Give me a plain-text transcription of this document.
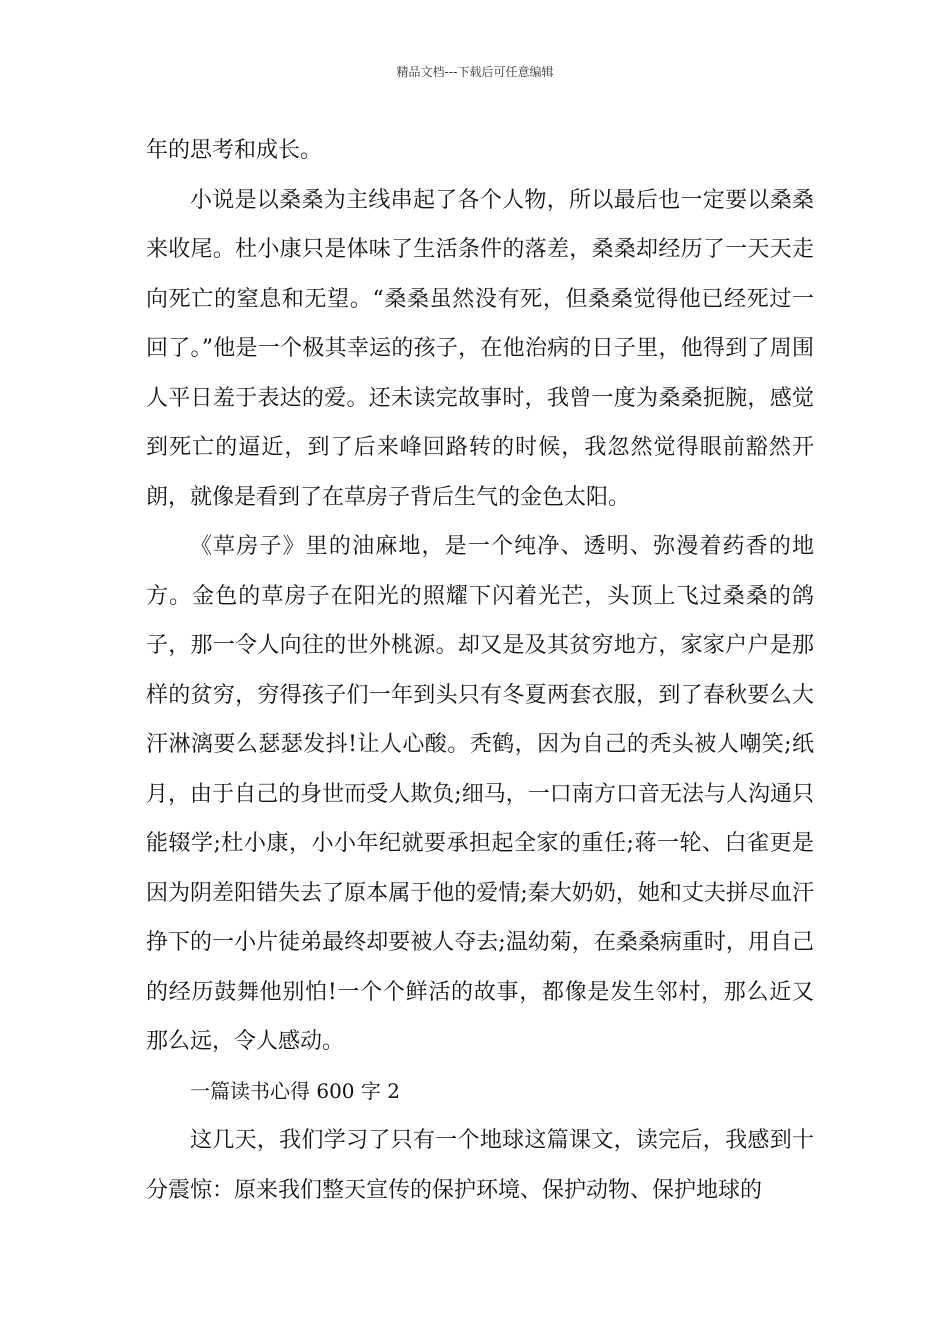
精品文档---下载后可任意编辑

年的思考和成长。

小说是以桑桑为主线串起了各个人物，所以最后也一定要以桑桑来收尾。杜小康只是体味了生活条件的落差，桑桑却经历了一天天走向死亡的窒息和无望。“桑桑虽然没有死，但桑桑觉得他已经死过一回了。”他是一个极其幸运的孩子，在他治病的日子里，他得到了周围人平日羞于表达的爱。还未读完故事时，我曾一度为桑桑扼腕，感觉到死亡的逼近，到了后来峰回路转的时候，我忽然觉得眼前豁然开朗，就像是看到了在草房子背后生气的金色太阳。

《草房子》里的油麻地，是一个纯净、透明、弥漫着药香的地方。金色的草房子在阳光的照耀下闪着光芒，头顶上飞过桑桑的鸽子，那一令人向往的世外桃源。却又是及其贫穷地方，家家户户是那样的贫穷，穷得孩子们一年到头只有冬夏两套衣服，到了春秋要么大汗淋漓要么瑟瑟发抖!让人心酸。秃鹤，因为自己的秃头被人嘲笑;纸月，由于自己的身世而受人欺负;细马，一口南方口音无法与人沟通只能辍学;杜小康，小小年纪就要承担起全家的重任;蒋一轮、白雀更是因为阴差阳错失去了原本属于他的爱情;秦大奶奶，她和丈夫拼尽血汗挣下的一小片徒弟最终却要被人夺去;温幼菊，在桑桑病重时，用自己的经历鼓舞他别怕!一个个鲜活的故事，都像是发生邻村，那么近又那么远，令人感动。

一篇读书心得 600 字 2

这几天，我们学习了只有一个地球这篇课文，读完后，我感到十分震惊：原来我们整天宣传的保护环境、保护动物、保护地球的
